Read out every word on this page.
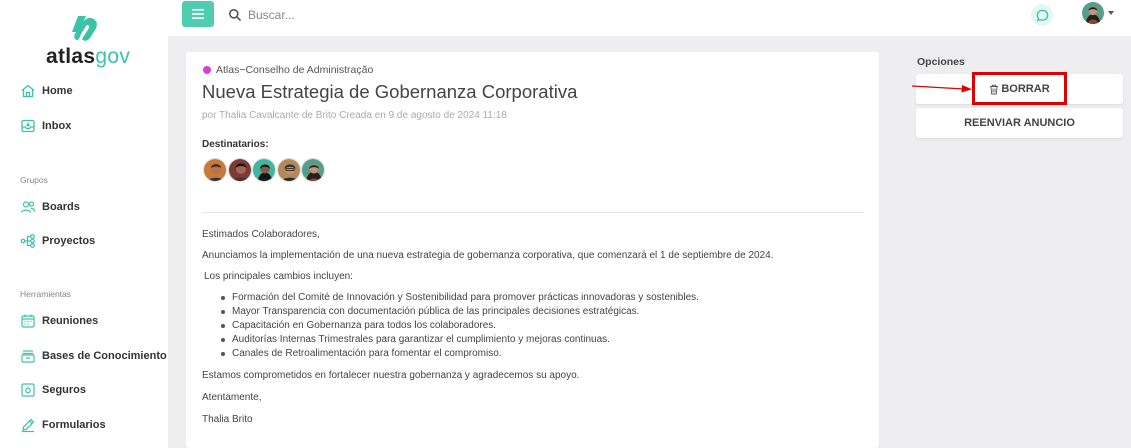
atlasgov
Home
Inbox
Grupos
Boards
Proyectos
Herramientas
Reuniones
Bases de Conocimiento
Seguros
Formularios
Buscar...
Atlas−Conselho de Administração
Nueva Estrategia de Gobernanza Corporativa
por Thalia Cavalcante de Brito Creada en 9 de agosto de 2024 11:18
Destinatarios:

Estimados Colaboradores,

Anunciamos la implementación de una nueva estrategia de gobernanza corporativa, que comenzará el 1 de septiembre de 2024.

Los principales cambios incluyen:

Formación del Comité de Innovación y Sostenibilidad para promover prácticas innovadoras y sostenibles.
Mayor Transparencia con documentación pública de las principales decisiones estratégicas.
Capacitación en Gobernanza para todos los colaboradores.
Auditorías Internas Trimestrales para garantizar el cumplimiento y mejoras continuas.
Canales de Retroalimentación para fomentar el compromiso.

Estamos comprometidos en fortalecer nuestra gobernanza y agradecemos su apoyo.

Atentamente,

Thalia Brito

Opciones
BORRAR
REENVIAR ANUNCIO
